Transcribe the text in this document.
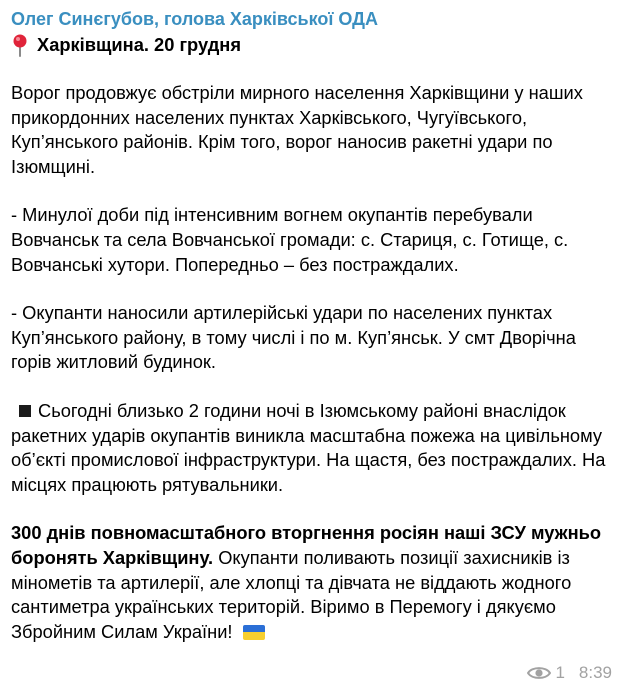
Олег Синєгубов, голова Харківської ОДА
Харківщина. 20 грудня

Ворог продовжує обстріли мирного населення Харківщини у наших прикордонних населених пунктах Харківського, Чугуївського, Куп’янського районів. Крім того, ворог наносив ракетні удари по Ізюмщині.

- Минулої доби під інтенсивним вогнем окупантів перебували Вовчанськ та села Вовчанської громади: с. Стариця, с. Готище, с. Вовчанські хутори. Попередньо – без постраждалих.

- Окупанти наносили артилерійські удари по населених пунктах Куп’янського району, в тому числі і по м. Куп’янськ. У смт Дворічна горів житловий будинок.

Сьогодні близько 2 години ночі в Ізюмському районі внаслідок ракетних ударів окупантів виникла масштабна пожежа на цивільному об’єкті промислової інфраструктури. На щастя, без постраждалих. На місцях працюють рятувальники.

300 днів повномасштабного вторгнення росіян наші ЗСУ мужньо боронять Харківщину. Окупанти поливають позиції захисників із мінометів та артилерії, але хлопці та дівчата не віддають жодного сантиметра українських територій. Віримо в Перемогу і дякуємо Збройним Силам України!

1 8:39
